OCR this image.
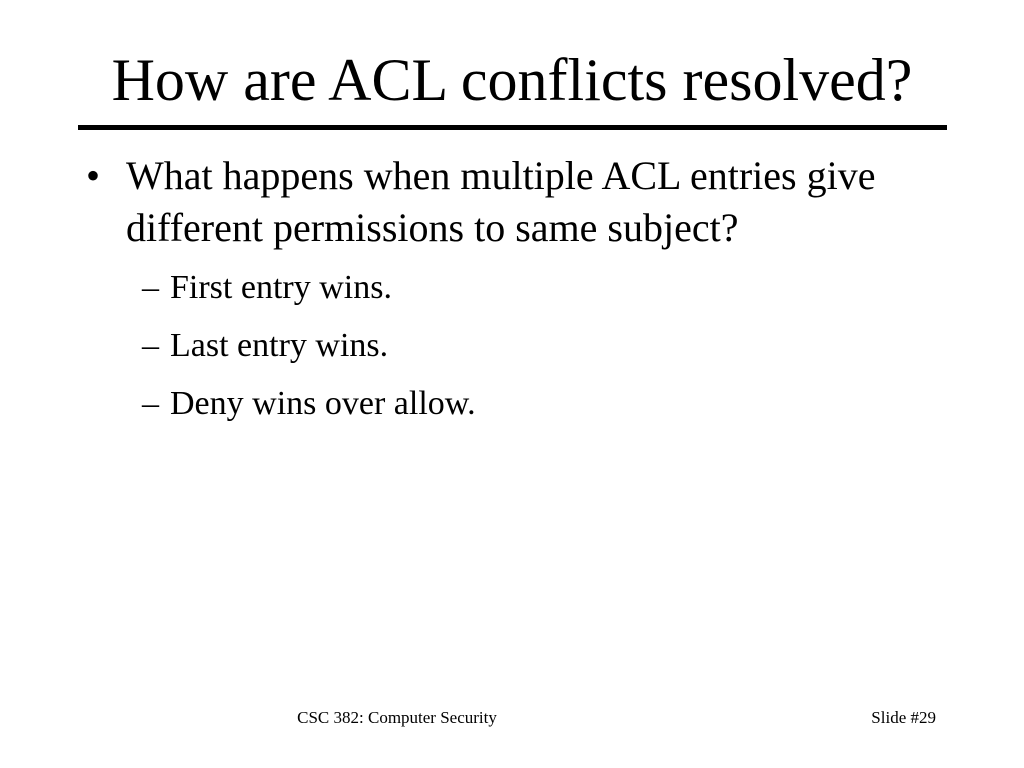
How are ACL conflicts resolved?
• What happens when multiple ACL entries give different permissions to same subject?
– First entry wins.
– Last entry wins.
– Deny wins over allow.
CSC 382: Computer Security	Slide #29
